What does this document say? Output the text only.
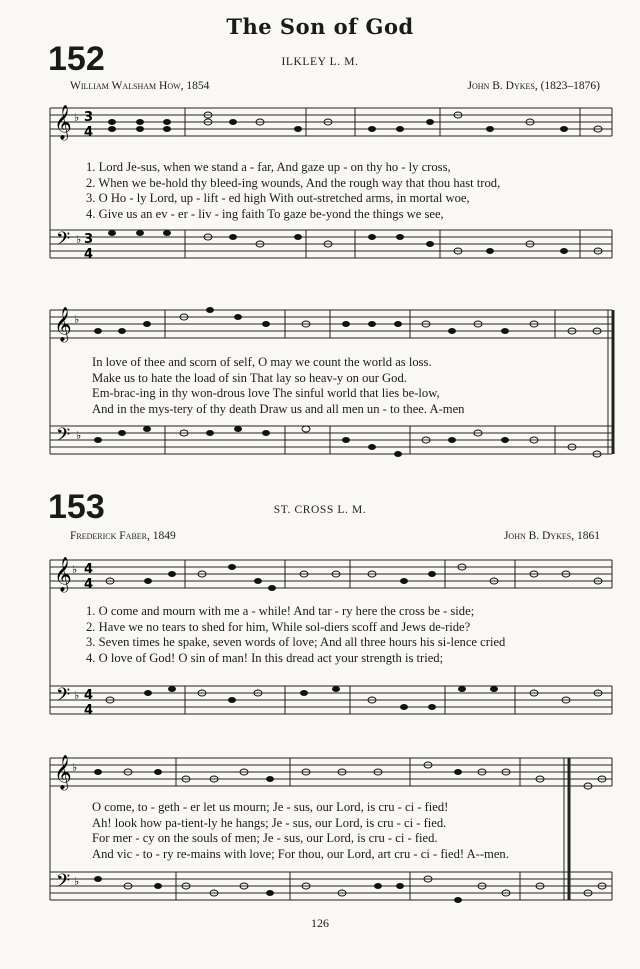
The Son of God
152	ILKLEY L. M.
William Walsham How, 1854	John B. Dykes, (1823–1876)
𝄞
𝄢
♭
♭
3
4
3
4
1. Lord Je-sus, when we stand a - far, And gaze up - on thy ho - ly cross,
2. When we be-hold thy bleed-ing wounds, And the rough way that thou hast trod,
3. O Ho - ly Lord, up - lift - ed high With out-stretched arms, in mortal woe,
4. Give us an ev - er - liv - ing faith To gaze be-yond the things we see,
𝄞
𝄢
♭
♭
In love of thee and scorn of self, O may we count the world as loss.
Make us to hate the load of sin That lay so heav-y on our God.
Em-brac-ing in thy won-drous love The sinful world that lies be-low,
And in the mys-tery of thy death Draw us and all men un - to thee. A-men
153	ST. CROSS L. M.
Frederick Faber, 1849	John B. Dykes, 1861
𝄞
𝄢
♭
♭
4
4
4
4
1. O come and mourn with me a - while! And tar - ry here the cross be - side;
2. Have we no tears to shed for him, While sol-diers scoff and Jews de-ride?
3. Seven times he spake, seven words of love; And all three hours his si-lence cried
4. O love of God! O sin of man! In this dread act your strength is tried;
𝄞
𝄢
♭
♭
O come, to - geth - er let us mourn; Je - sus, our Lord, is cru - ci - fied!
Ah! look how pa-tient-ly he hangs; Je - sus, our Lord, is cru - ci - fied.
For mer - cy on the souls of men; Je - sus, our Lord, is cru - ci - fied.
And vic - to - ry re-mains with love; For thou, our Lord, art cru - ci - fied! A--men.
126
